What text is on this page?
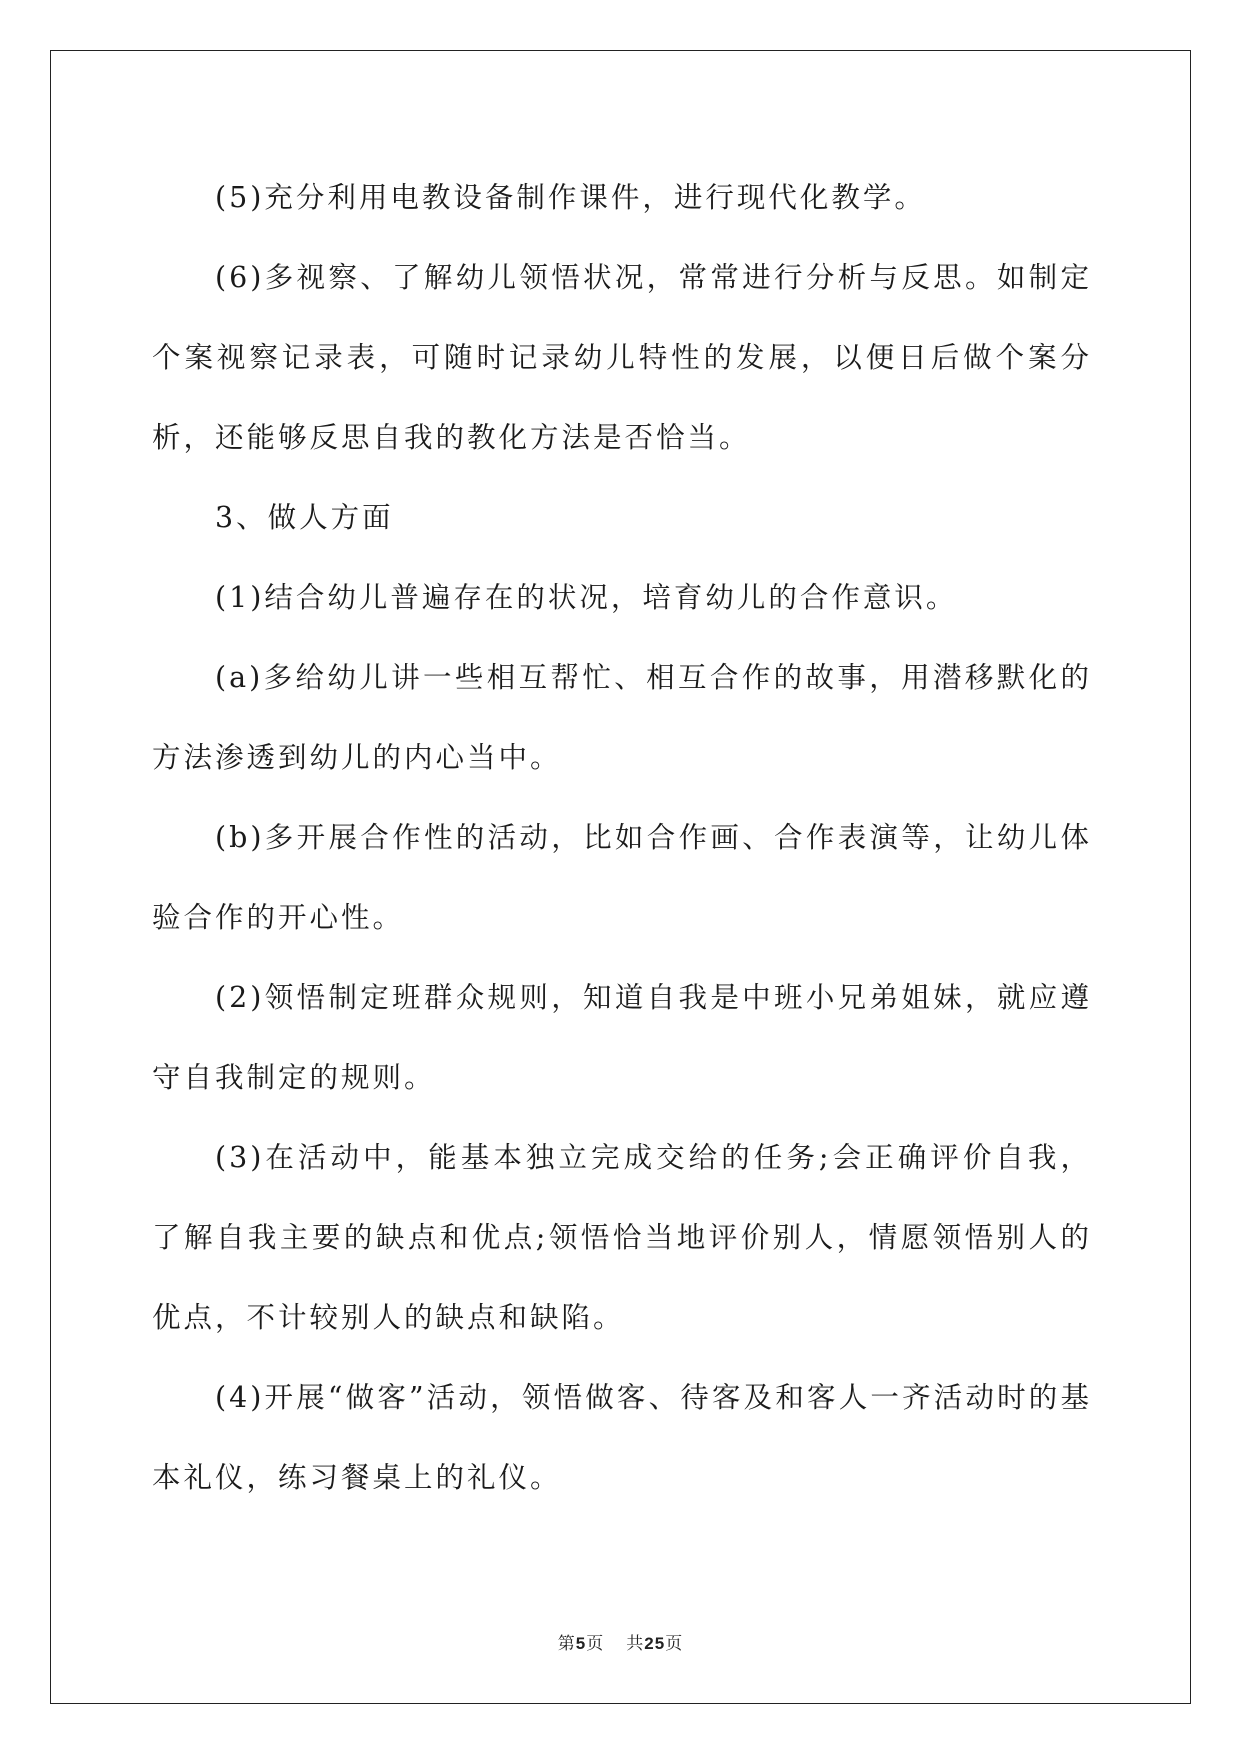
(5)充分利用电教设备制作课件，进行现代化教学。

(6)多视察、了解幼儿领悟状况，常常进行分析与反思。如制定个案视察记录表，可随时记录幼儿特性的发展，以便日后做个案分析，还能够反思自我的教化方法是否恰当。

3、做人方面

(1)结合幼儿普遍存在的状况，培育幼儿的合作意识。

(a)多给幼儿讲一些相互帮忙、相互合作的故事，用潜移默化的方法渗透到幼儿的内心当中。

(b)多开展合作性的活动，比如合作画、合作表演等，让幼儿体验合作的开心性。

(2)领悟制定班群众规则，知道自我是中班小兄弟姐妹，就应遵守自我制定的规则。

(3)在活动中，能基本独立完成交给的任务;会正确评价自我，了解自我主要的缺点和优点;领悟恰当地评价别人，情愿领悟别人的优点，不计较别人的缺点和缺陷。

(4)开展“做客”活动，领悟做客、待客及和客人一齐活动时的基本礼仪，练习餐桌上的礼仪。

第5页 共25页
